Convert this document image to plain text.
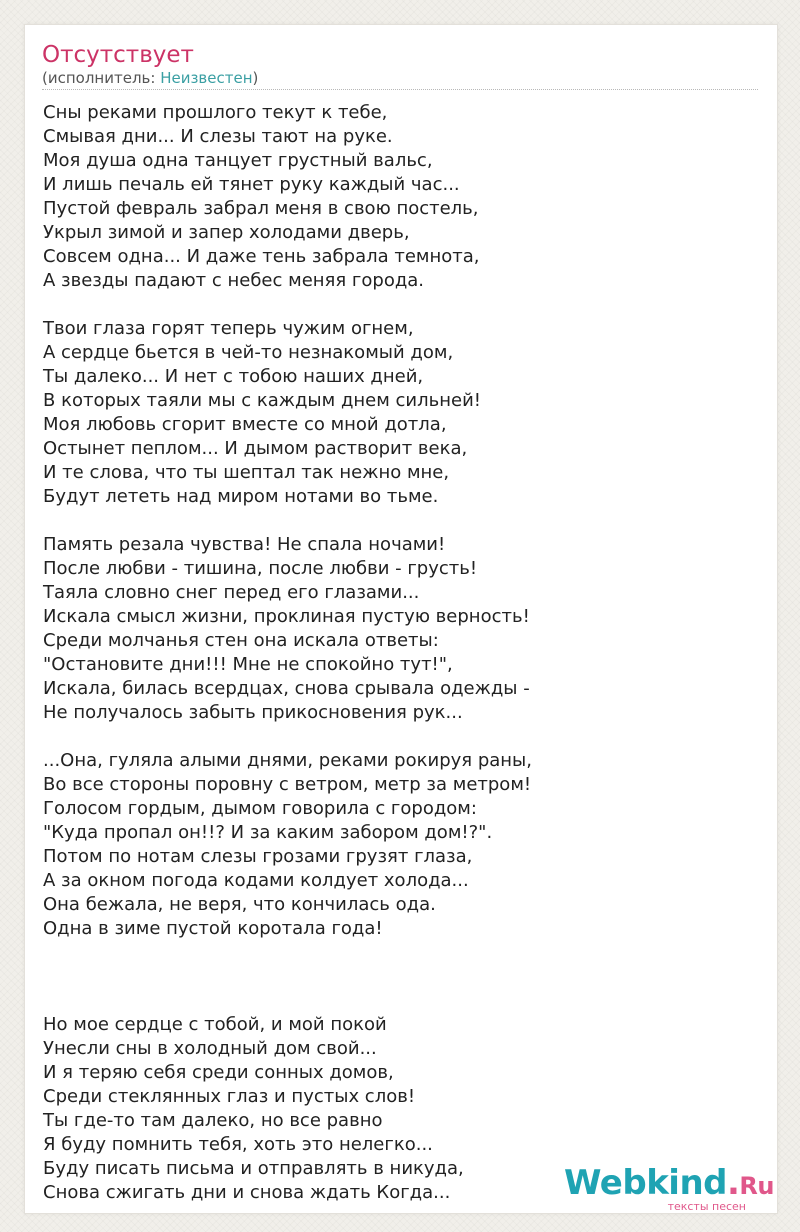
Отсутствует
(исполнитель: Неизвестен)
Сны реками прошлого текут к тебе,
Смывая дни... И слезы тают на руке.
Моя душа одна танцует грустный вальс,
И лишь печаль ей тянет руку каждый час...
Пустой февраль забрал меня в свою постель,
Укрыл зимой и запер холодами дверь,
Совсем одна... И даже тень забрала темнота,
А звезды падают с небес меняя города.
Твои глаза горят теперь чужим огнем,
А сердце бьется в чей-то незнакомый дом,
Ты далеко... И нет с тобою наших дней,
В которых таяли мы с каждым днем сильней!
Моя любовь сгорит вместе со мной дотла,
Остынет пеплом... И дымом растворит века,
И те слова, что ты шептал так нежно мне,
Будут лететь над миром нотами во тьме.
Память резала чувства! Не спала ночами!
После любви - тишина, после любви - грусть!
Таяла словно снег перед его глазами...
Искала смысл жизни, проклиная пустую верность!
Среди молчанья стен она искала ответы:
"Остановите дни!!! Мне не спокойно тут!",
Искала, билась всердцах, снова срывала одежды -
Не получалось забыть прикосновения рук...
...Она, гуляла алыми днями, реками рокируя раны,
Во все стороны поровну с ветром, метр за метром!
Голосом гордым, дымом говорила с городом:
"Куда пропал он!!? И за каким забором дом!?".
Потом по нотам слезы грозами грузят глаза,
А за окном погода кодами колдует холода...
Она бежала, не веря, что кончилась ода.
Одна в зиме пустой коротала года!
Но мое сердце с тобой, и мой покой
Унесли сны в холодный дом свой...
И я теряю себя среди сонных домов,
Среди стеклянных глаз и пустых слов!
Ты где-то там далеко, но все равно
Я буду помнить тебя, хоть это нелегко...
Буду писать письма и отправлять в никуда,
Снова сжигать дни и снова ждать Когда...	Webkind.Ru
тексты песен
